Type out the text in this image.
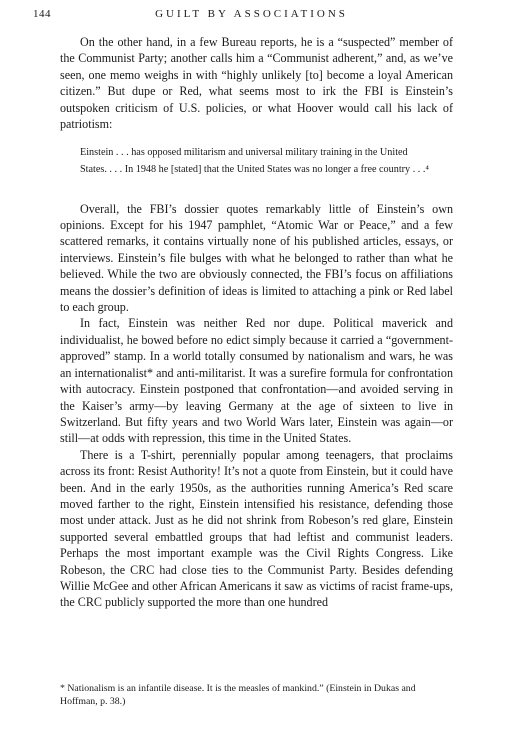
144	GUILT BY ASSOCIATIONS

On the other hand, in a few Bureau reports, he is a “suspected” member of the Communist Party; another calls him a “Communist adherent,” and, as we’ve seen, one memo weighs in with “highly unlikely [to] become a loyal American citizen.” But dupe or Red, what seems most to irk the FBI is Einstein’s outspoken criticism of U.S. policies, or what Hoover would call his lack of patriotism:

Einstein . . . has opposed militarism and universal military training in the United States. . . . In 1948 he [stated] that the United States was no longer a free country . . .⁴

Overall, the FBI’s dossier quotes remarkably little of Einstein’s own opinions. Except for his 1947 pamphlet, “Atomic War or Peace,” and a few scattered remarks, it contains virtually none of his published articles, essays, or interviews. Einstein’s file bulges with what he belonged to rather than what he believed. While the two are obviously connected, the FBI’s focus on affiliations means the dossier’s definition of ideas is limited to attaching a pink or Red label to each group.

In fact, Einstein was neither Red nor dupe. Political maverick and individualist, he bowed before no edict simply because it carried a “government-approved” stamp. In a world totally consumed by nationalism and wars, he was an internationalist* and anti-militarist. It was a surefire formula for confrontation with autocracy. Einstein postponed that confrontation—and avoided serving in the Kaiser’s army—by leaving Germany at the age of sixteen to live in Switzerland. But fifty years and two World Wars later, Einstein was again—or still—at odds with repression, this time in the United States.

There is a T-shirt, perennially popular among teenagers, that proclaims across its front: Resist Authority! It’s not a quote from Einstein, but it could have been. And in the early 1950s, as the authorities running America’s Red scare moved farther to the right, Einstein intensified his resistance, defending those most under attack. Just as he did not shrink from Robeson’s red glare, Einstein supported several embattled groups that had leftist and communist leaders. Perhaps the most important example was the Civil Rights Congress. Like Robeson, the CRC had close ties to the Communist Party. Besides defending Willie McGee and other African Americans it saw as victims of racist frame-ups, the CRC publicly supported the more than one hundred

* Nationalism is an infantile disease. It is the measles of mankind.” (Einstein in Dukas and Hoffman, p. 38.)
